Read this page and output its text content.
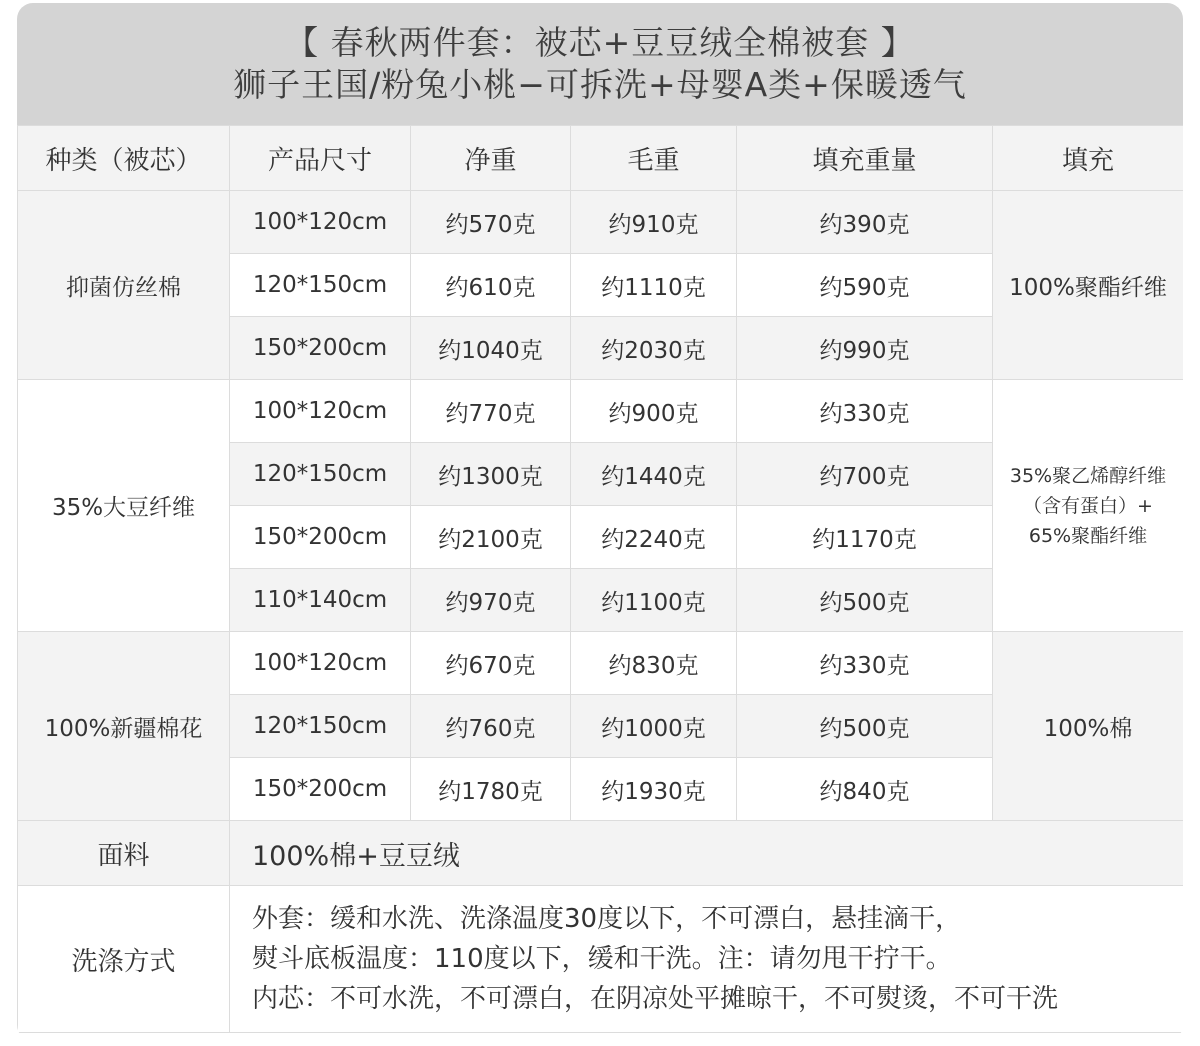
【 春秋两件套：被芯+豆豆绒全棉被套 】
狮子王国/粉兔小桃−可拆洗+母婴A类+保暖透气
种类（被芯）	产品尺寸	净重	毛重	填充重量	填充
抑菌仿丝棉	100*120cm	约570克	约910克	约390克	100%聚酯纤维
	120*150cm	约610克	约1110克	约590克	
	150*200cm	约1040克	约2030克	约990克	
35%大豆纤维	100*120cm	约770克	约900克	约330克	35%聚乙烯醇纤维
（含有蛋白）+
65%聚酯纤维

	120*150cm	约1300克	约1440克	约700克	
	150*200cm	约2100克	约2240克	约1170克	
	110*140cm	约970克	约1100克	约500克	
100%新疆棉花	100*120cm	约670克	约830克	约330克	100%棉
	120*150cm	约760克	约1000克	约500克	
	150*200cm	约1780克	约1930克	约840克	
面料	100%棉+豆豆绒				
洗涤方式	外套：缓和水洗、洗涤温度30度以下，不可漂白，悬挂滴干，
熨斗底板温度：110度以下，缓和干洗。注：请勿甩干拧干。
内芯：不可水洗，不可漂白，在阴凉处平摊晾干，不可熨烫，不可干洗				
